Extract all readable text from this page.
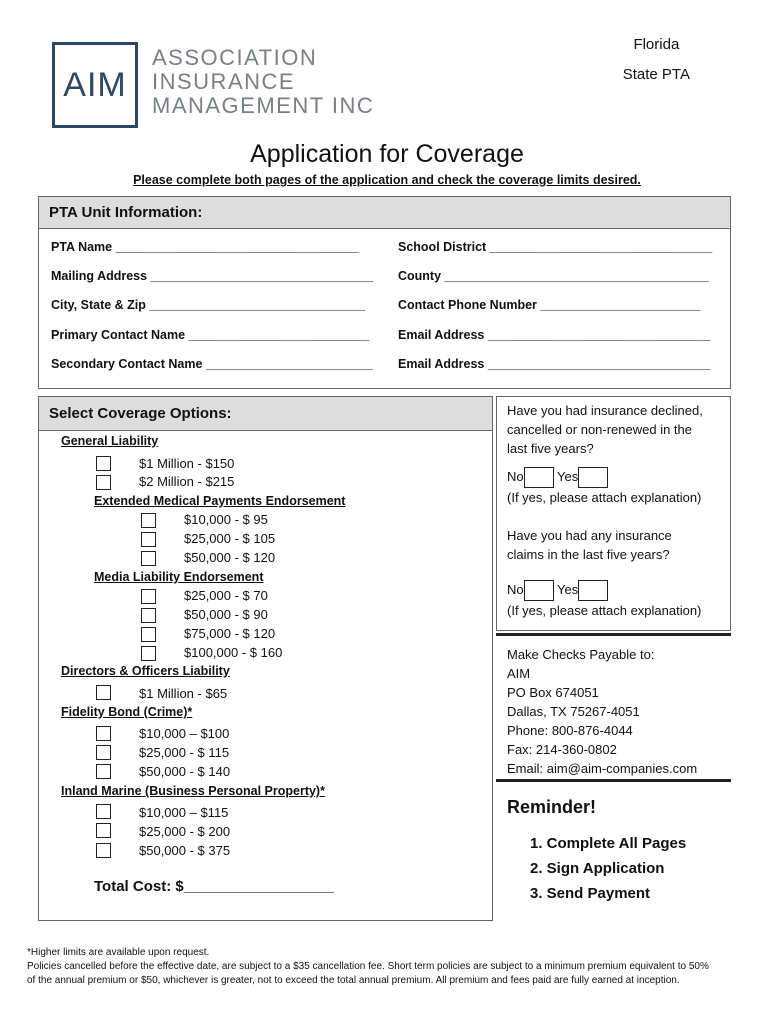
AIM
ASSOCIATION
INSURANCE
MANAGEMENT INC
Florida
State PTA
Application for Coverage
Please complete both pages of the application and check the coverage limits desired.
PTA Unit Information:
PTA Name ___________________________________
Mailing Address ________________________________
City, State & Zip _______________________________
Primary Contact Name __________________________
Secondary Contact Name ________________________
School District ________________________________
County ______________________________________
Contact Phone Number _______________________
Email Address ________________________________
Email Address ________________________________
Select Coverage Options:
General Liability
$1 Million - $150
$2 Million - $215
Extended Medical Payments Endorsement
$10,000 - $ 95
$25,000 - $ 105
$50,000 - $ 120
Media Liability Endorsement
$25,000 - $ 70
$50,000 - $ 90
$75,000 - $ 120
$100,000 - $ 160
Directors & Officers Liability
$1 Million - $65
Fidelity Bond (Crime)*
$10,000 – $100
$25,000 - $ 115
$50,000 - $ 140
Inland Marine (Business Personal Property)*
$10,000 – $115
$25,000 - $ 200
$50,000 - $ 375
Total Cost: $__________________
Have you had insurance declined,
cancelled or non-renewed in the
last five years?
No	Yes
(If yes, please attach explanation)
Have you had any insurance
claims in the last five years?
No	Yes
(If yes, please attach explanation)
Make Checks Payable to:
AIM
PO Box 674051
Dallas, TX 75267-4051
Phone: 800-876-4044
Fax: 214-360-0802
Email: aim@aim-companies.com
Reminder!
1. Complete All Pages
2. Sign Application
3. Send Payment
*Higher limits are available upon request.
Policies cancelled before the effective date, are subject to a $35 cancellation fee. Short term policies are subject to a minimum premium equivalent to 50%
of the annual premium or $50, whichever is greater, not to exceed the total annual premium. All premium and fees paid are fully earned at inception.
